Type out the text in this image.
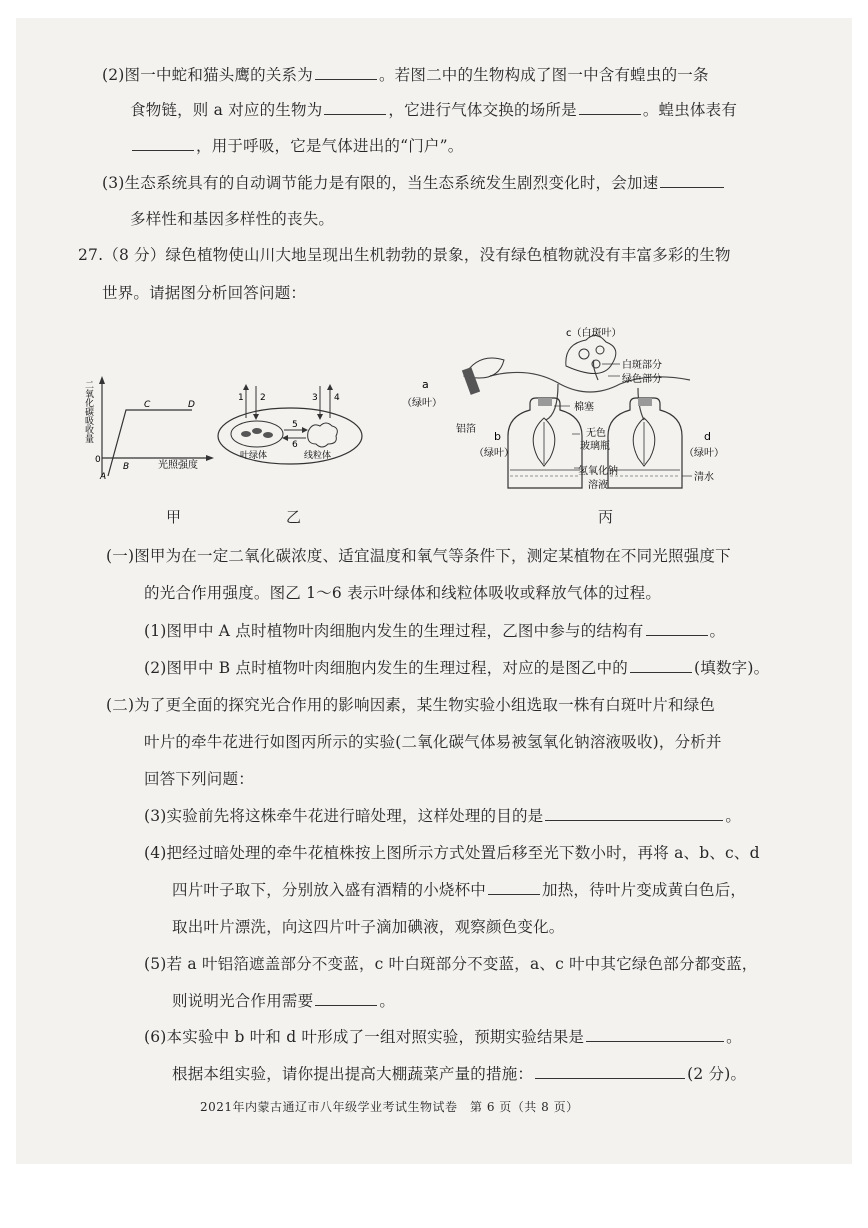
(2)图一中蛇和猫头鹰的关系为	。若图二中的生物构成了图一中含有蝗虫的一条
食物链，则 a 对应的生物为	，它进行气体交换的场所是	。蝗虫体表有
，用于呼吸，它是气体进出的“门户”。
(3)生态系统具有的自动调节能力是有限的，当生态系统发生剧烈变化时，会加速
多样性和基因多样性的丧失。
27.（8 分）绿色植物使山川大地呈现出生机勃勃的景象，没有绿色植物就没有丰富多彩的生物
世界。请据图分析回答问题：
二氧化碳吸收量
0
A
B
C	D
光照强度
1 2	3 4
5
6
叶绿体	线粒体
c（白斑叶）
白斑部分
绿色部分
a
（绿叶）
铝箔
棉塞
b
（绿叶）
无色
玻璃瓶
d
（绿叶）
氢氧化钠
溶液
清水
甲	乙	丙
(一)图甲为在一定二氧化碳浓度、适宜温度和氧气等条件下，测定某植物在不同光照强度下
的光合作用强度。图乙 1～6 表示叶绿体和线粒体吸收或释放气体的过程。
(1)图甲中 A 点时植物叶肉细胞内发生的生理过程，乙图中参与的结构有	。
(2)图甲中 B 点时植物叶肉细胞内发生的生理过程，对应的是图乙中的	(填数字)。
(二)为了更全面的探究光合作用的影响因素，某生物实验小组选取一株有白斑叶片和绿色
叶片的牵牛花进行如图丙所示的实验(二氧化碳气体易被氢氧化钠溶液吸收)，分析并
回答下列问题：
(3)实验前先将这株牵牛花进行暗处理，这样处理的目的是	。
(4)把经过暗处理的牵牛花植株按上图所示方式处置后移至光下数小时，再将 a、b、c、d
四片叶子取下，分别放入盛有酒精的小烧杯中	加热，待叶片变成黄白色后，
取出叶片漂洗，向这四片叶子滴加碘液，观察颜色变化。
(5)若 a 叶铝箔遮盖部分不变蓝，c 叶白斑部分不变蓝，a、c 叶中其它绿色部分都变蓝，
则说明光合作用需要	。
(6)本实验中 b 叶和 d 叶形成了一组对照实验，预期实验结果是	。
根据本组实验，请你提出提高大棚蔬菜产量的措施：	(2 分)。
2021年内蒙古通辽市八年级学业考试生物试卷　第 6 页（共 8 页）
